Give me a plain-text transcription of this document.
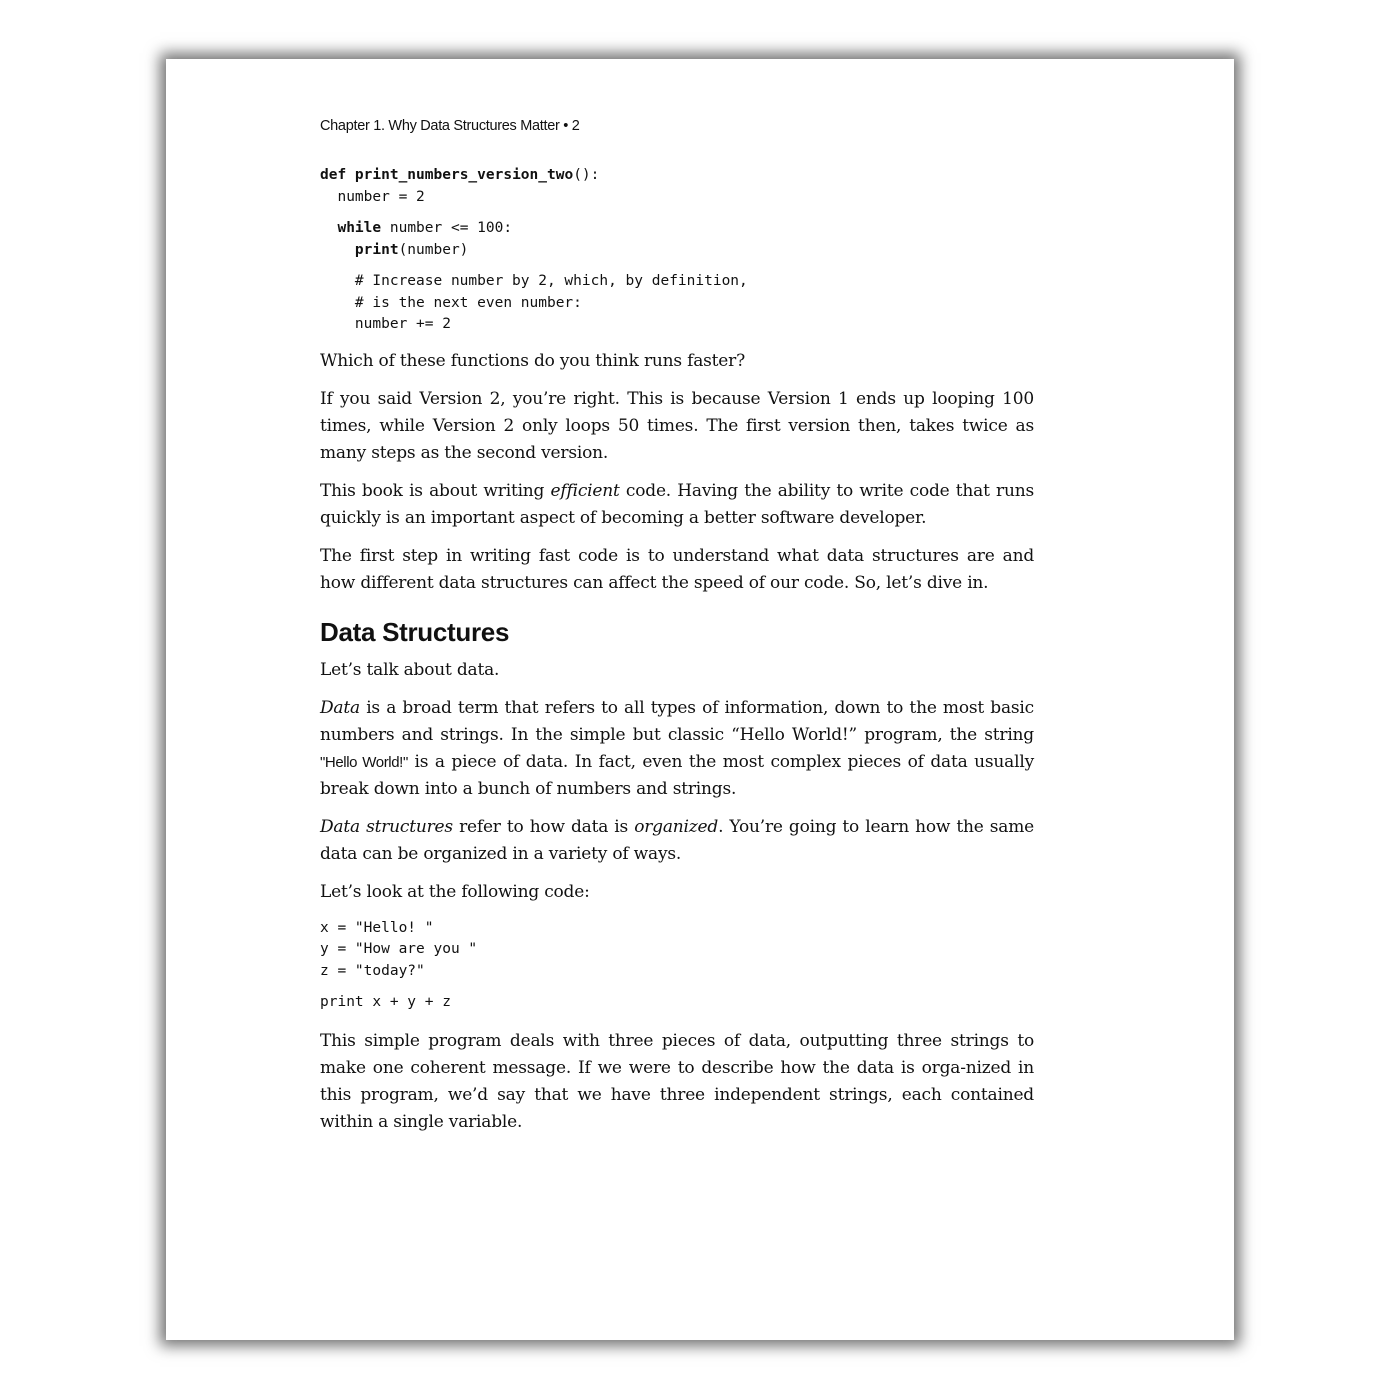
Chapter 1. Why Data Structures Matter • 2
def print_numbers_version_two():
number = 2
while number <= 100:
print(number)
# Increase number by 2, which, by definition,
# is the next even number:
number += 2

Which of these functions do you think runs faster?

If you said Version 2, you’re right. This is because Version 1 ends up looping 100 times, while Version 2 only loops 50 times. The first version then, takes twice as many steps as the second version.

This book is about writing efficient code. Having the ability to write code that runs quickly is an important aspect of becoming a better software developer.

The first step in writing fast code is to understand what data structures are and how different data structures can affect the speed of our code. So, let’s dive in.

Data Structures

Let’s talk about data.

Data is a broad term that refers to all types of information, down to the most basic numbers and strings. In the simple but classic “Hello World!” program, the string "Hello World!" is a piece of data. In fact, even the most complex pieces of data usually break down into a bunch of numbers and strings.

Data structures refer to how data is organized. You’re going to learn how the same data can be organized in a variety of ways.

Let’s look at the following code:

x = "Hello! "
y = "How are you "
z = "today?"
print x + y + z

This simple program deals with three pieces of data, outputting three strings to make one coherent message. If we were to describe how the data is orga-nized in this program, we’d say that we have three independent strings, each contained within a single variable.
